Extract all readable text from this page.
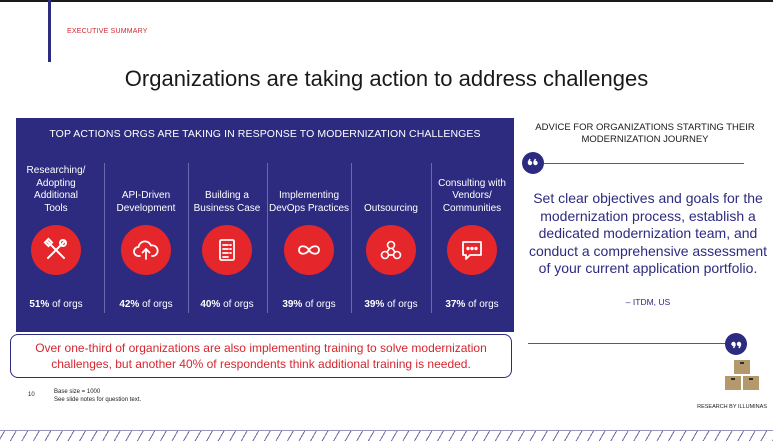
EXECUTIVE SUMMARY
Organizations are taking action to address challenges
TOP ACTIONS ORGS ARE TAKING IN RESPONSE TO MODERNIZATION CHALLENGES
Researching/ Adopting Additional Tools
51% of orgs
API-Driven Development
42% of orgs
Building a Business Case
40% of orgs
Implementing DevOps Practices
39% of orgs
Outsourcing
39% of orgs
Consulting with Vendors/ Communities
37% of orgs
Over one-third of organizations are also implementing training to solve modernization challenges, but another 40% of respondents think additional training is needed.
10	Base size = 1000
See slide notes for question text.
ADVICE FOR ORGANIZATIONS STARTING THEIR MODERNIZATION JOURNEY
Set clear objectives and goals for the modernization process, establish a dedicated modernization team, and conduct a comprehensive assessment of your current application portfolio.
– ITDM, US
RESEARCH BY ILLUMINAS
